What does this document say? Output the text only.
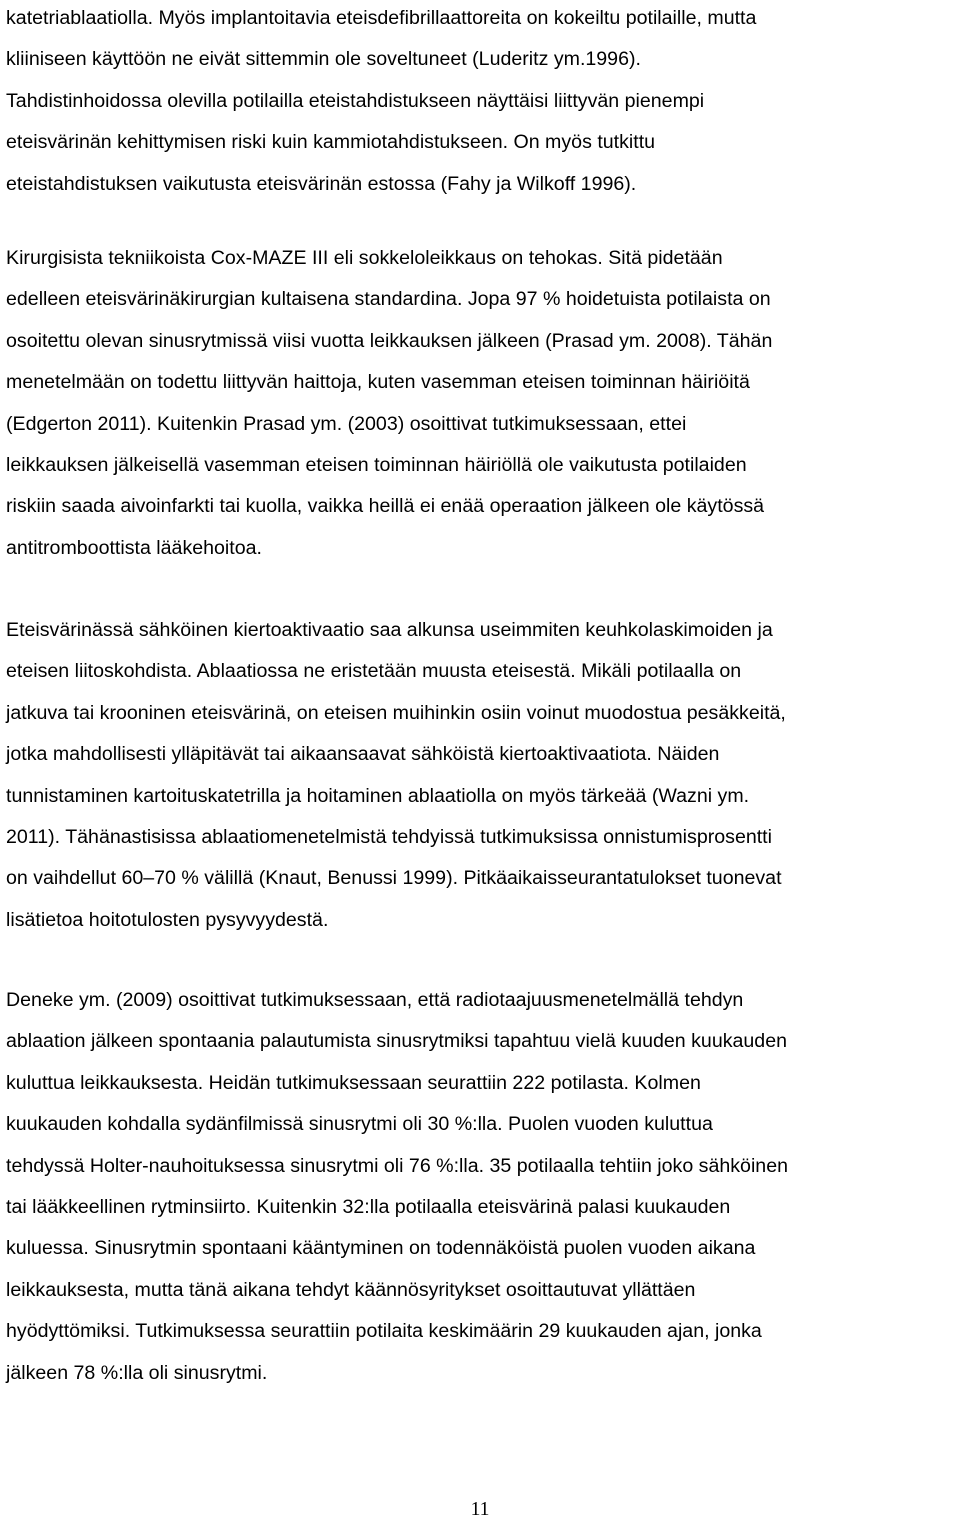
katetriablaatiolla. Myös implantoitavia eteisdefibrillaattoreita on kokeiltu potilaille, mutta

kliiniseen käyttöön ne eivät sittemmin ole soveltuneet (Luderitz ym.1996).

Tahdistinhoidossa olevilla potilailla eteistahdistukseen näyttäisi liittyvän pienempi

eteisvärinän kehittymisen riski kuin kammiotahdistukseen. On myös tutkittu

eteistahdistuksen vaikutusta eteisvärinän estossa (Fahy ja Wilkoff 1996).

Kirurgisista tekniikoista Cox-MAZE III eli sokkeloleikkaus on tehokas. Sitä pidetään

edelleen eteisvärinäkirurgian kultaisena standardina. Jopa 97 % hoidetuista potilaista on

osoitettu olevan sinusrytmissä viisi vuotta leikkauksen jälkeen (Prasad ym. 2008). Tähän

menetelmään on todettu liittyvän haittoja, kuten vasemman eteisen toiminnan häiriöitä

(Edgerton 2011). Kuitenkin Prasad ym. (2003) osoittivat tutkimuksessaan, ettei

leikkauksen jälkeisellä vasemman eteisen toiminnan häiriöllä ole vaikutusta potilaiden

riskiin saada aivoinfarkti tai kuolla, vaikka heillä ei enää operaation jälkeen ole käytössä

antitromboottista lääkehoitoa.

Eteisvärinässä sähköinen kiertoaktivaatio saa alkunsa useimmiten keuhkolaskimoiden ja

eteisen liitoskohdista. Ablaatiossa ne eristetään muusta eteisestä. Mikäli potilaalla on

jatkuva tai krooninen eteisvärinä, on eteisen muihinkin osiin voinut muodostua pesäkkeitä,

jotka mahdollisesti ylläpitävät tai aikaansaavat sähköistä kiertoaktivaatiota. Näiden

tunnistaminen kartoituskatetrilla ja hoitaminen ablaatiolla on myös tärkeää (Wazni ym.

2011). Tähänastisissa ablaatiomenetelmistä tehdyissä tutkimuksissa onnistumisprosentti

on vaihdellut 60–70 % välillä (Knaut, Benussi 1999). Pitkäaikaisseurantatulokset tuonevat

lisätietoa hoitotulosten pysyvyydestä.

Deneke ym. (2009) osoittivat tutkimuksessaan, että radiotaajuusmenetelmällä tehdyn

ablaation jälkeen spontaania palautumista sinusrytmiksi tapahtuu vielä kuuden kuukauden

kuluttua leikkauksesta. Heidän tutkimuksessaan seurattiin 222 potilasta. Kolmen

kuukauden kohdalla sydänfilmissä sinusrytmi oli 30 %:lla. Puolen vuoden kuluttua

tehdyssä Holter-nauhoituksessa sinusrytmi oli 76 %:lla. 35 potilaalla tehtiin joko sähköinen

tai lääkkeellinen rytminsiirto. Kuitenkin 32:lla potilaalla eteisvärinä palasi kuukauden

kuluessa. Sinusrytmin spontaani kääntyminen on todennäköistä puolen vuoden aikana

leikkauksesta, mutta tänä aikana tehdyt käännösyritykset osoittautuvat yllättäen

hyödyttömiksi. Tutkimuksessa seurattiin potilaita keskimäärin 29 kuukauden ajan, jonka

jälkeen 78 %:lla oli sinusrytmi.

11
